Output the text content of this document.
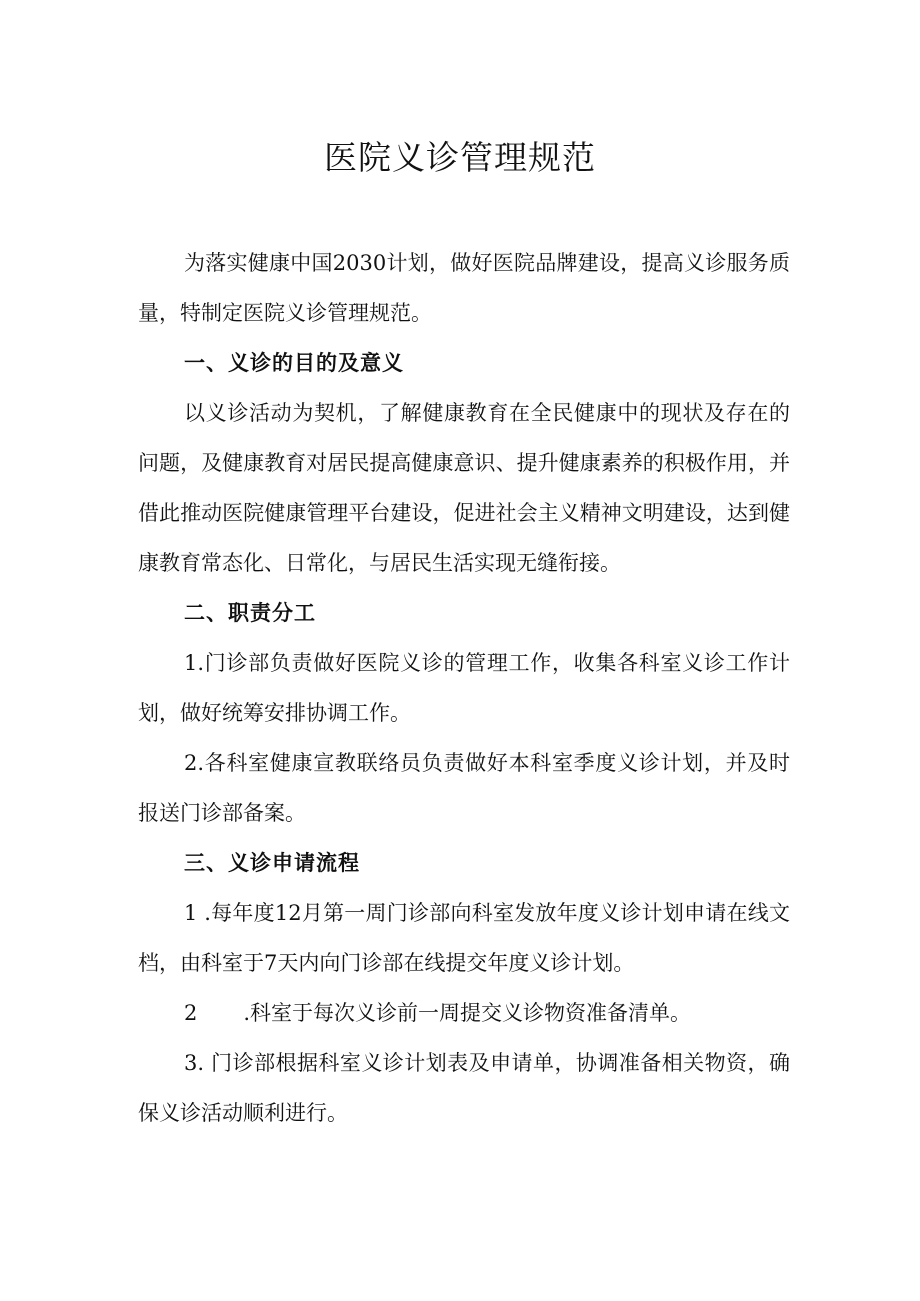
医院义诊管理规范

为落实健康中国2030计划，做好医院品牌建设，提高义诊服务质量，特制定医院义诊管理规范。

一、义诊的目的及意义

以义诊活动为契机，了解健康教育在全民健康中的现状及存在的问题，及健康教育对居民提高健康意识、提升健康素养的积极作用，并借此推动医院健康管理平台建设，促进社会主义精神文明建设，达到健康教育常态化、日常化，与居民生活实现无缝衔接。

二、职责分工

1.门诊部负责做好医院义诊的管理工作，收集各科室义诊工作计划，做好统筹安排协调工作。

2.各科室健康宣教联络员负责做好本科室季度义诊计划，并及时报送门诊部备案。

三、义诊申请流程

1 .每年度12月第一周门诊部向科室发放年度义诊计划申请在线文档，由科室于7天内向门诊部在线提交年度义诊计划。

2 .科室于每次义诊前一周提交义诊物资准备清单。

3. 门诊部根据科室义诊计划表及申请单，协调准备相关物资，确保义诊活动顺利进行。
